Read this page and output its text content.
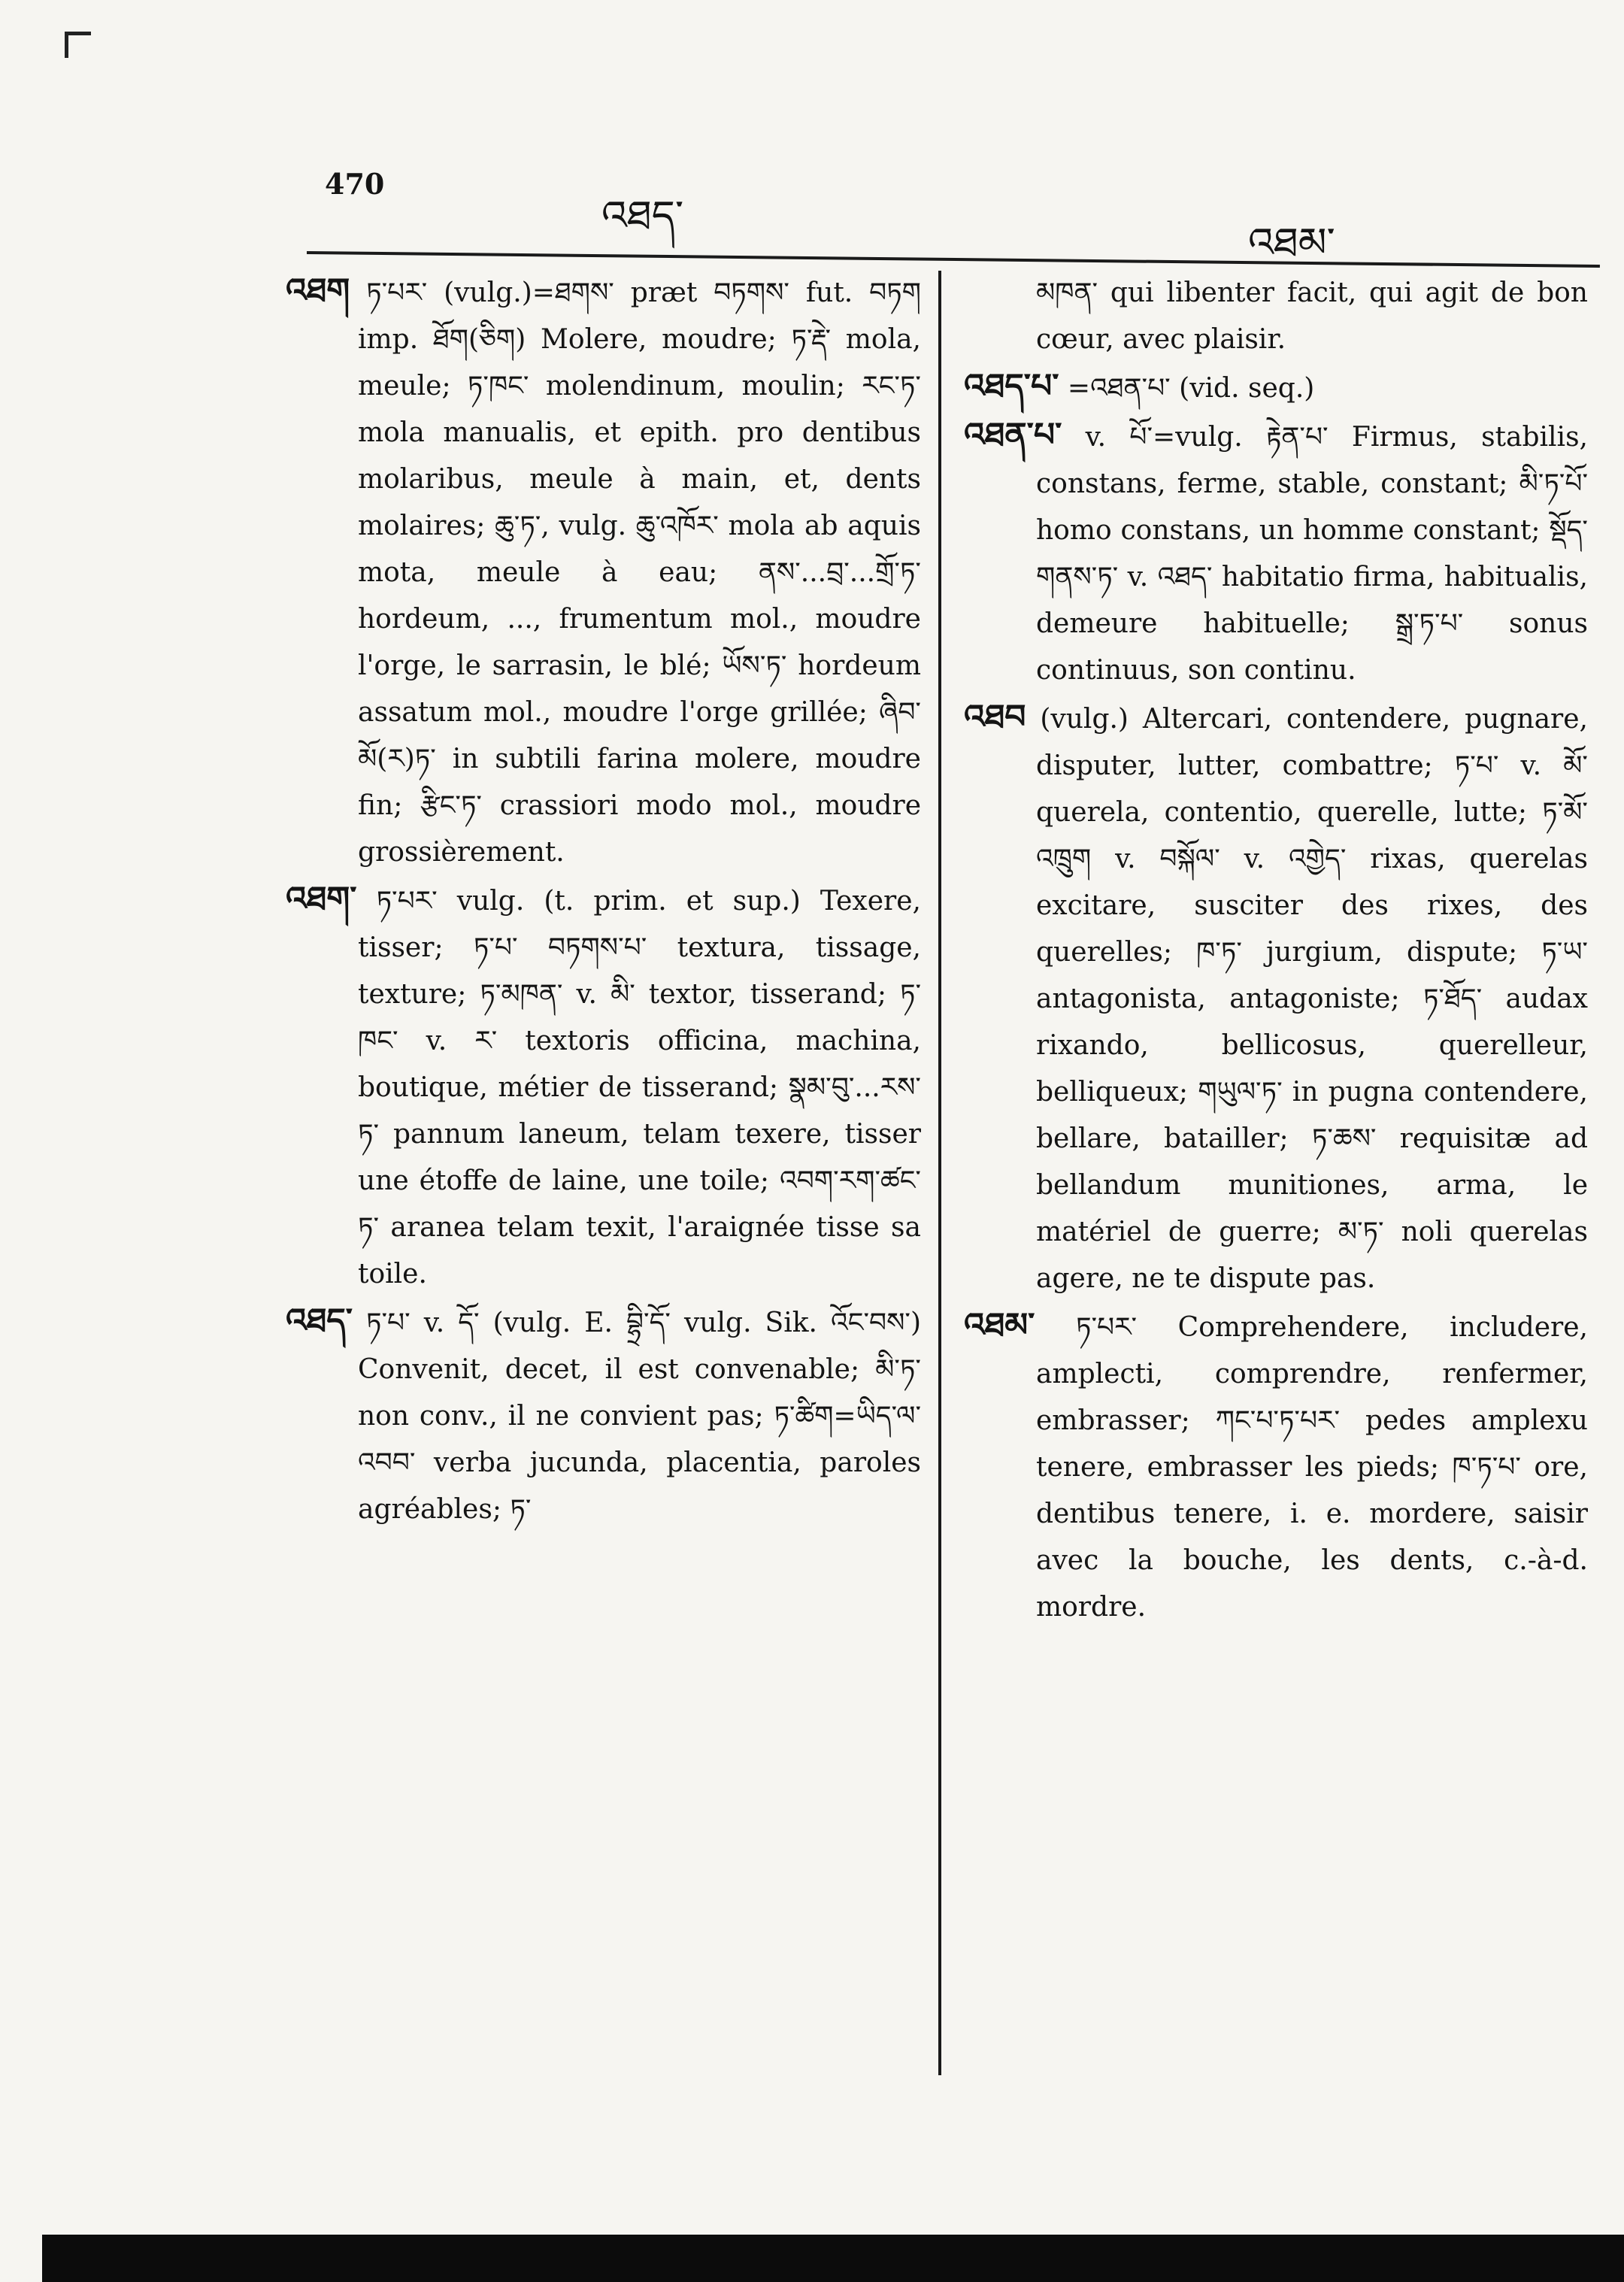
470
འཐད་
འཐམ་

འཐག ཏ་པར་ (vulg.)=ཐགས་ præt བཏགས་ fut. བཏག imp. ཐོག(ཅིག) Molere, moudre; ཏ་རྡེ་ mola, meule; ཏ་ཁང་ molendinum, moulin; རང་ཏ་ mola manualis, et epith. pro dentibus molaribus, meule à main, et, dents molaires; ཆུ་ཏ་, vulg. ཆུ་འཁོར་ mola ab aquis mota, meule à eau; ནས་...བྲ་...གྲོ་ཏ་ hordeum, ..., frumentum mol., moudre l'orge, le sarrasin, le blé; ཡོས་ཏ་ hordeum assatum mol., moudre l'orge grillée; ཞིབ་མོ(ར)ཏ་ in subtili farina molere, moudre fin; རྩིང་ཏ་ crassiori modo mol., moudre grossièrement.

འཐག་ ཏ་པར་ vulg. (t. prim. et sup.) Texere, tisser; ཏ་པ་ བཏགས་པ་ textura, tissage, texture; ཏ་མཁན་ v. མི་ textor, tisserand; ཏ་ཁང་ v. ར་ textoris officina, machina, boutique, métier de tisserand; སྣམ་བུ་...རས་ཏ་ pannum laneum, telam texere, tisser une étoffe de laine, une toile; འབག་རག་ཚང་ཏ་ aranea telam texit, l'araignée tisse sa toile.

འཐད་ ཏ་པ་ v. དོ་ (vulg. E. བྷྲི་དོ་ vulg. Sik. འོང་བས་) Convenit, decet, il est convenable; མི་ཏ་ non conv., il ne convient pas; ཏ་ཚིག=ཡིད་ལ་འབབ་ verba jucunda, placentia, paroles agréables; ཏ་

མཁན་ qui libenter facit, qui agit de bon cœur, avec plaisir.

འཐད་པ་ =འཐན་པ་ (vid. seq.)

འཐན་པ་ v. པོ་=vulg. རྟེན་པ་ Firmus, stabilis, constans, ferme, stable, constant; མི་ཏ་པོ་ homo constans, un homme constant; སྡོད་གནས་ཏ་ v. འཐད་ habitatio firma, habitualis, demeure habituelle; སྒྲ་ཏ་པ་ sonus continuus, son continu.

འཐབ (vulg.) Altercari, contendere, pugnare, disputer, lutter, combattre; ཏ་པ་ v. མོ་ querela, contentio, querelle, lutte; ཏ་མོ་ འཁྲུག v. བསྐོལ་ v. འགྱེད་ rixas, querelas excitare, susciter des rixes, des querelles; ཁ་ཏ་ jurgium, dispute; ཏ་ཡ་ antagonista, antagoniste; ཏ་ཐོད་ audax rixando, bellicosus, querelleur, belliqueux; གཡུལ་ཏ་ in pugna contendere, bellare, batailler; ཏ་ཆས་ requisitæ ad bellandum munitiones, arma, le matériel de guerre; མ་ཏ་ noli querelas agere, ne te dispute pas.

འཐམ་ ཏ་པར་ Comprehendere, includere, amplecti, comprendre, renfermer, embrasser; ཀང་པ་ཏ་པར་ pedes amplexu tenere, embrasser les pieds; ཁ་ཏ་པ་ ore, dentibus tenere, i. e. mordere, saisir avec la bouche, les dents, c.-à-d. mordre.
